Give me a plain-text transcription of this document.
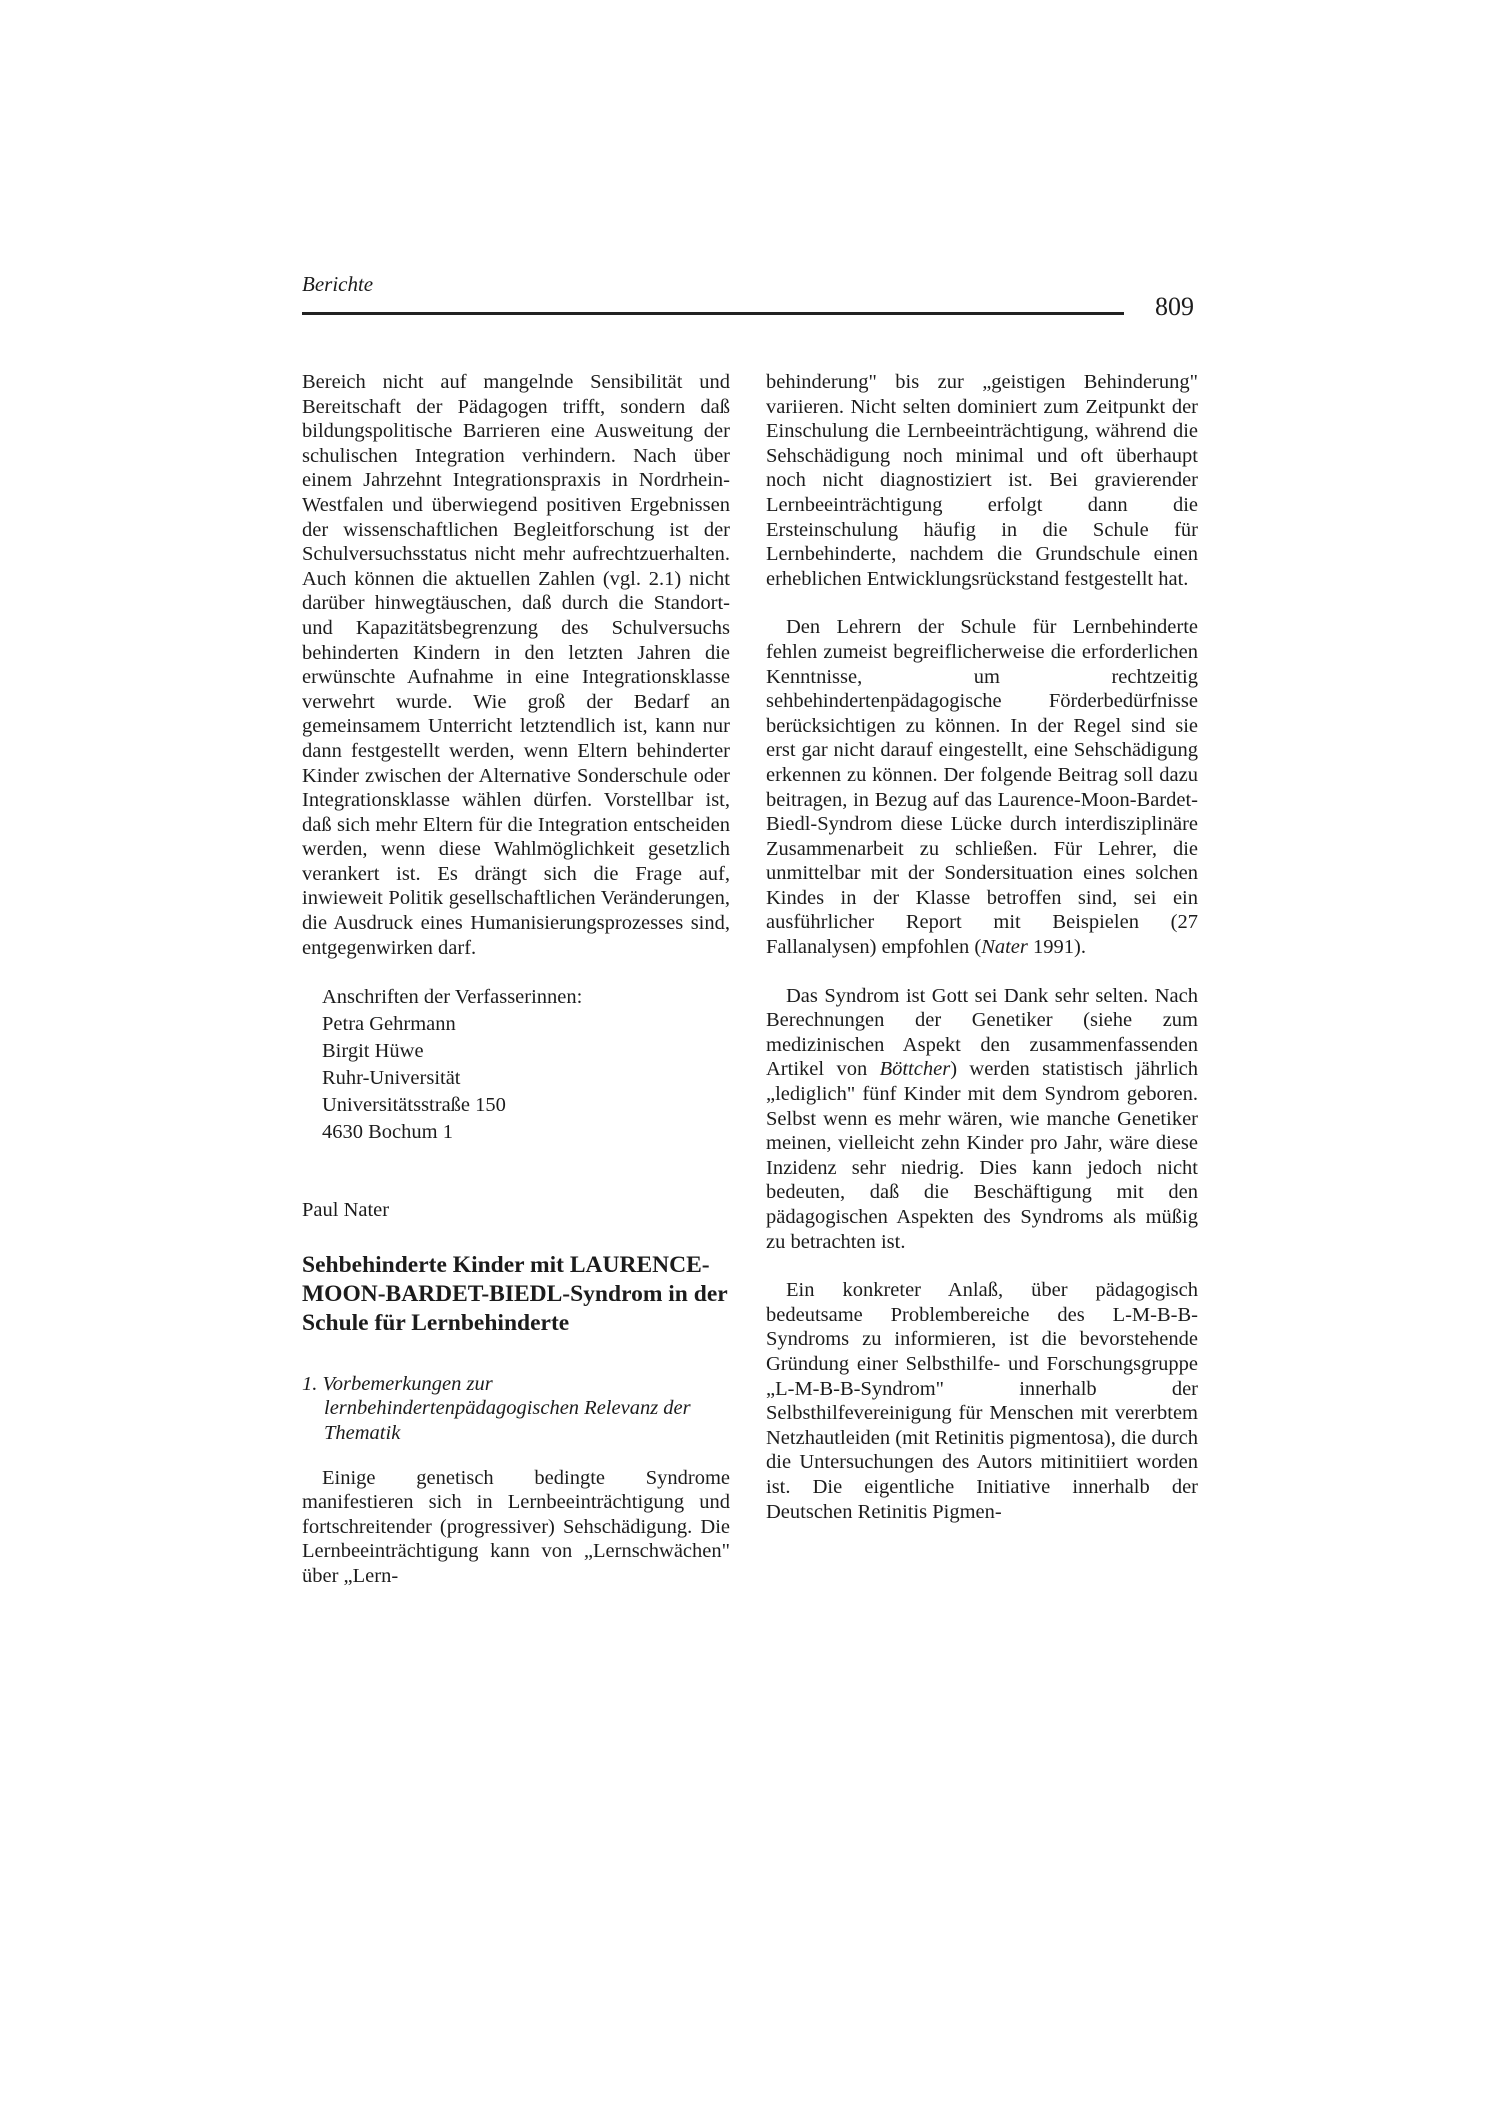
Berichte
809

Bereich nicht auf mangelnde Sensibilität und Bereitschaft der Pädagogen trifft, sondern daß bildungspolitische Barrieren eine Ausweitung der schulischen Integration verhindern. Nach über einem Jahrzehnt Integrationspraxis in Nordrhein-Westfalen und überwiegend positiven Ergebnissen der wissenschaftlichen Begleitforschung ist der Schulversuchsstatus nicht mehr aufrechtzuerhalten. Auch können die aktuellen Zahlen (vgl. 2.1) nicht darüber hinwegtäuschen, daß durch die Standort- und Kapazitätsbegrenzung des Schulversuchs behinderten Kindern in den letzten Jahren die erwünschte Aufnahme in eine Integrationsklasse verwehrt wurde. Wie groß der Bedarf an gemeinsamem Unterricht letztendlich ist, kann nur dann festgestellt werden, wenn Eltern behinderter Kinder zwischen der Alternative Sonderschule oder Integrationsklasse wählen dürfen. Vorstellbar ist, daß sich mehr Eltern für die Integration entscheiden werden, wenn diese Wahlmöglichkeit gesetzlich verankert ist. Es drängt sich die Frage auf, inwieweit Politik gesellschaftlichen Veränderungen, die Ausdruck eines Humanisierungsprozesses sind, entgegenwirken darf.

Anschriften der Verfasserinnen:
Petra Gehrmann
Birgit Hüwe
Ruhr-Universität
Universitätsstraße 150
4630 Bochum 1
Paul Nater
Sehbehinderte Kinder mit LAURENCE-MOON-BARDET-BIEDL-Syndrom in der Schule für Lernbehinderte
1. Vorbemerkungen zur lernbehindertenpädagogischen Relevanz der Thematik

Einige genetisch bedingte Syndrome manifestieren sich in Lernbeeinträchtigung und fortschreitender (progressiver) Sehschädigung. Die Lernbeeinträchtigung kann von „Lernschwächen" über „Lern-

behinderung" bis zur „geistigen Behinderung" variieren. Nicht selten dominiert zum Zeitpunkt der Einschulung die Lernbeeinträchtigung, während die Sehschädigung noch minimal und oft überhaupt noch nicht diagnostiziert ist. Bei gravierender Lernbeeinträchtigung erfolgt dann die Ersteinschulung häufig in die Schule für Lernbehinderte, nachdem die Grundschule einen erheblichen Entwicklungsrückstand festgestellt hat.

Den Lehrern der Schule für Lernbehinderte fehlen zumeist begreiflicherweise die erforderlichen Kenntnisse, um rechtzeitig sehbehindertenpädagogische Förderbedürfnisse berücksichtigen zu können. In der Regel sind sie erst gar nicht darauf eingestellt, eine Sehschädigung erkennen zu können. Der folgende Beitrag soll dazu beitragen, in Bezug auf das Laurence-Moon-Bardet-Biedl-Syndrom diese Lücke durch interdisziplinäre Zusammenarbeit zu schließen. Für Lehrer, die unmittelbar mit der Sondersituation eines solchen Kindes in der Klasse betroffen sind, sei ein ausführlicher Report mit Beispielen (27 Fallanalysen) empfohlen (Nater 1991).

Das Syndrom ist Gott sei Dank sehr selten. Nach Berechnungen der Genetiker (siehe zum medizinischen Aspekt den zusammenfassenden Artikel von Böttcher) werden statistisch jährlich „lediglich" fünf Kinder mit dem Syndrom geboren. Selbst wenn es mehr wären, wie manche Genetiker meinen, vielleicht zehn Kinder pro Jahr, wäre diese Inzidenz sehr niedrig. Dies kann jedoch nicht bedeuten, daß die Beschäftigung mit den pädagogischen Aspekten des Syndroms als müßig zu betrachten ist.

Ein konkreter Anlaß, über pädagogisch bedeutsame Problembereiche des L-M-B-B-Syndroms zu informieren, ist die bevorstehende Gründung einer Selbsthilfe- und Forschungsgruppe „L-M-B-B-Syndrom" innerhalb der Selbsthilfevereinigung für Menschen mit vererbtem Netzhautleiden (mit Retinitis pigmentosa), die durch die Untersuchungen des Autors mitinitiiert worden ist. Die eigentliche Initiative innerhalb der Deutschen Retinitis Pigmen-
